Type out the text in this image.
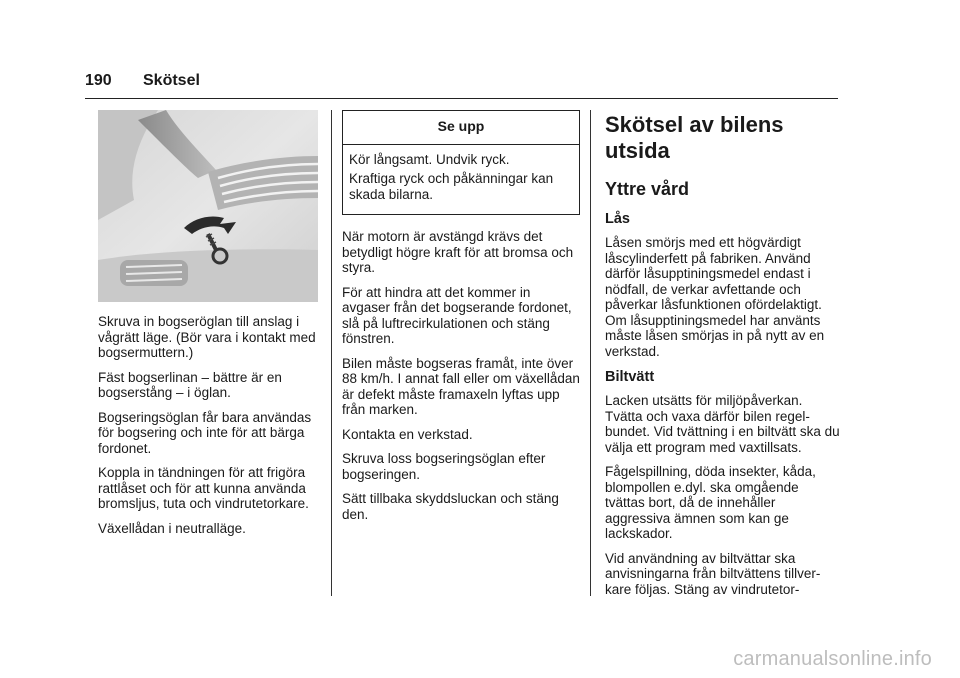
190 Skötsel

Skruva in bogseröglan till anslag i vågrätt läge. (Bör vara i kontakt med bogsermuttern.)

Fäst bogserlinan – bättre är en bogserstång – i öglan.

Bogseringsöglan får bara användas för bogsering och inte för att bärga fordonet.

Koppla in tändningen för att frigöra rattlåset och för att kunna använda bromsljus, tuta och vindrutetorkare.

Växellådan i neutralläge.

Se upp

Kör långsamt. Undvik ryck.

Kraftiga ryck och påkänningar kan skada bilarna.

När motorn är avstängd krävs det betydligt högre kraft för att bromsa och styra.

För att hindra att det kommer in avgaser från det bogserande fordonet, slå på luftrecirkulationen och stäng fönstren.

Bilen måste bogseras framåt, inte över 88 km/h. I annat fall eller om växellådan är defekt måste framaxeln lyftas upp från marken.

Kontakta en verkstad.

Skruva loss bogseringsöglan efter bogseringen.

Sätt tillbaka skyddsluckan och stäng den.

Skötsel av bilens utsida
Yttre vård
Lås

Låsen smörjs med ett högvärdigt låscylinderfett på fabriken. Använd därför låsupptiningsmedel endast i nödfall, de verkar avfettande och påverkar låsfunktionen ofördelaktigt. Om låsupptiningsmedel har använts måste låsen smörjas in på nytt av en verkstad.

Biltvätt

Lacken utsätts för miljöpåverkan. Tvätta och vaxa därför bilen regel- bundet. Vid tvättning i en biltvätt ska du välja ett program med vaxtillsats.

Fågelspillning, döda insekter, kåda, blompollen e.dyl. ska omgående tvättas bort, då de innehåller aggressiva ämnen som kan ge lackskador.

Vid användning av biltvättar ska anvisningarna från biltvättens tillver- kare följas. Stäng av vindrutetor-

carmanualsonline.info
